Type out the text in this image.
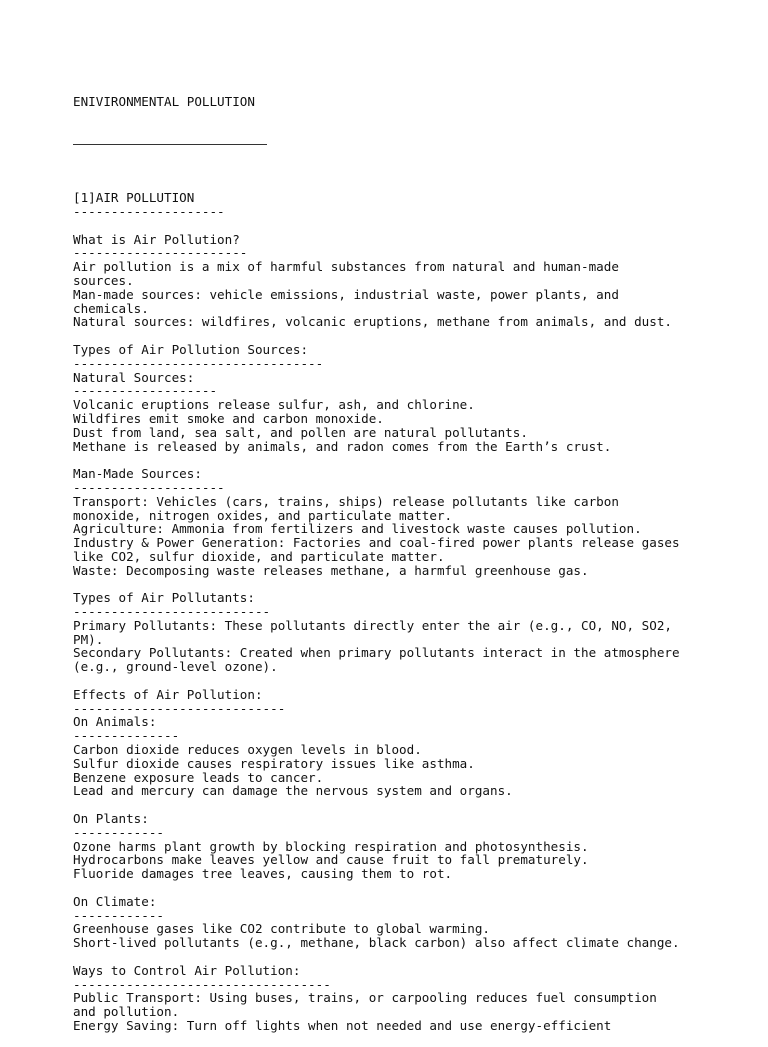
ENIVIRONMENTAL POLLUTION

[1]AIR POLLUTION
--------------------
What is Air Pollution?
-----------------------
Air pollution is a mix of harmful substances from natural and human-made
sources.
Man-made sources: vehicle emissions, industrial waste, power plants, and
chemicals.
Natural sources: wildfires, volcanic eruptions, methane from animals, and dust.
Types of Air Pollution Sources:
---------------------------------
Natural Sources:
-------------------
Volcanic eruptions release sulfur, ash, and chlorine.
Wildfires emit smoke and carbon monoxide.
Dust from land, sea salt, and pollen are natural pollutants.
Methane is released by animals, and radon comes from the Earth’s crust.
Man-Made Sources:
--------------------
Transport: Vehicles (cars, trains, ships) release pollutants like carbon
monoxide, nitrogen oxides, and particulate matter.
Agriculture: Ammonia from fertilizers and livestock waste causes pollution.
Industry & Power Generation: Factories and coal-fired power plants release gases
like CO2, sulfur dioxide, and particulate matter.
Waste: Decomposing waste releases methane, a harmful greenhouse gas.
Types of Air Pollutants:
--------------------------
Primary Pollutants: These pollutants directly enter the air (e.g., CO, NO, SO2,
PM).
Secondary Pollutants: Created when primary pollutants interact in the atmosphere
(e.g., ground-level ozone).
Effects of Air Pollution:
----------------------------
On Animals:
--------------
Carbon dioxide reduces oxygen levels in blood.
Sulfur dioxide causes respiratory issues like asthma.
Benzene exposure leads to cancer.
Lead and mercury can damage the nervous system and organs.
On Plants:
------------
Ozone harms plant growth by blocking respiration and photosynthesis.
Hydrocarbons make leaves yellow and cause fruit to fall prematurely.
Fluoride damages tree leaves, causing them to rot.
On Climate:
------------
Greenhouse gases like CO2 contribute to global warming.
Short-lived pollutants (e.g., methane, black carbon) also affect climate change.
Ways to Control Air Pollution:
----------------------------------
Public Transport: Using buses, trains, or carpooling reduces fuel consumption
and pollution.
Energy Saving: Turn off lights when not needed and use energy-efficient
